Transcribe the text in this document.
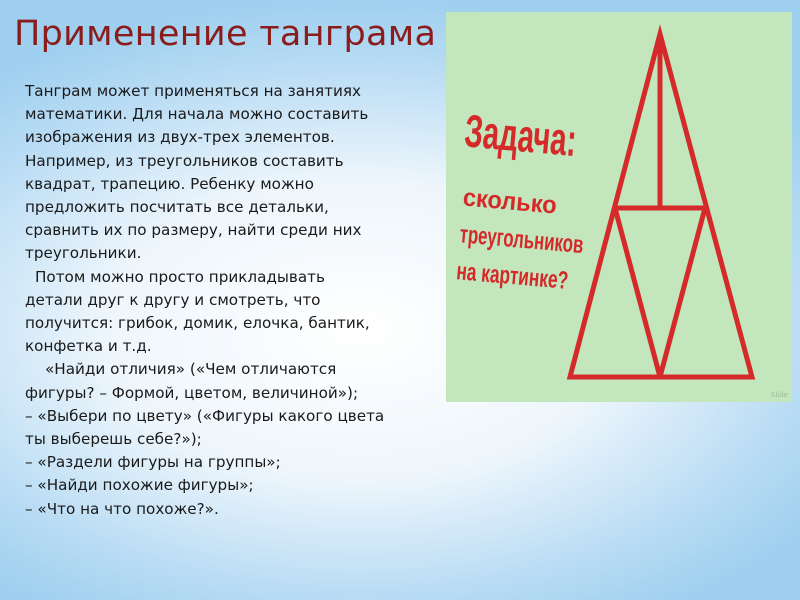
Применение танграма

Танграм может применяться на занятиях

математики. Для начала можно составить

изображения из двух-трех элементов.

Например, из треугольников составить

квадрат, трапецию. Ребенку можно

предложить посчитать все детальки,

сравнить их по размеру, найти среди них

треугольники.

Потом можно просто прикладывать

детали друг к другу и смотреть, что

получится: грибок, домик, елочка, бантик,

конфетка и т.д.

«Найди отличия» («Чем отличаются

фигуры? – Формой, цветом, величиной»);

– «Выбери по цвету» («Фигуры какого цвета

ты выберешь себе?»);

– «Раздели фигуры на группы»;

– «Найди похожие фигуры»;

– «Что на что похоже?».

Задача:
сколько
треугольников
на картинке?
Slide
